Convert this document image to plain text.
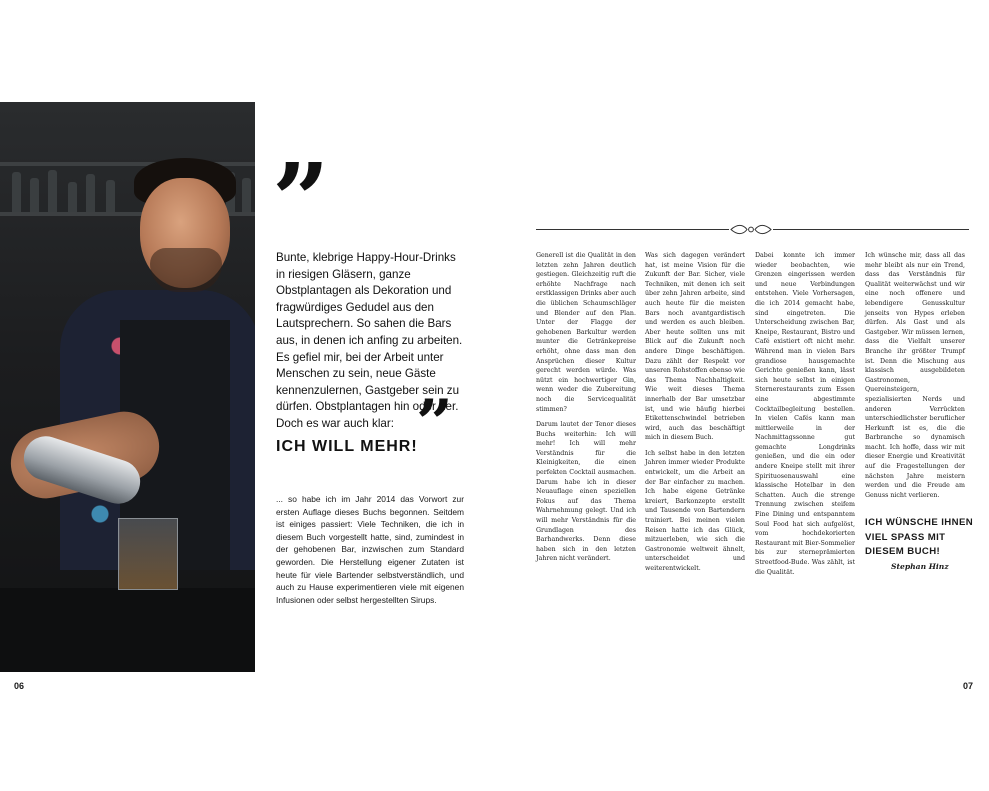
06	07
”
”
Bunte, klebrige Happy-Hour-Drinks in riesigen Gläsern, ganze Obstplantagen als Dekoration und fragwürdiges Gedudel aus den Lautsprechern. So sahen die Bars aus, in denen ich anfing zu arbeiten. Es gefiel mir, bei der Arbeit unter Menschen zu sein, neue Gäste kennenzulernen, Gastgeber sein zu dürfen. Obstplantagen hin oder her. Doch es war auch klar:
ICH WILL MEHR!
... so habe ich im Jahr 2014 das Vorwort zur ersten Auflage dieses Buchs begonnen. Seitdem ist einiges passiert: Viele Techniken, die ich in diesem Buch vorgestellt hatte, sind, zumindest in der gehobenen Bar, inzwischen zum Standard geworden. Die Herstellung eigener Zutaten ist heute für viele Bartender selbstverständlich, und auch zu Hause experimentieren viele mit eigenen Infusionen oder selbst hergestellten Sirups.

Generell ist die Qualität in den letzten zehn Jahren deutlich gestiegen. Gleichzeitig ruft die erhöhte Nachfrage nach erstklassigen Drinks aber auch die üblichen Schaumschläger und Blender auf den Plan. Unter der Flagge der gehobenen Barkultur werden munter die Getränkepreise erhöht, ohne dass man den Ansprüchen dieser Kultur gerecht werden würde. Was nützt ein hochwertiger Gin, wenn weder die Zubereitung noch die Servicequalität stimmen?

Darum lautet der Tenor dieses Buchs weiterhin: Ich will mehr! Ich will mehr Verständnis für die Kleinigkeiten, die einen perfekten Cocktail ausmachen. Darum habe ich in dieser Neuauflage einen speziellen Fokus auf das Thema Wahrnehmung gelegt. Und ich will mehr Verständnis für die Grundlagen des Barhandwerks. Denn diese haben sich in den letzten Jahren nicht verändert.

Was sich dagegen verändert hat, ist meine Vision für die Zukunft der Bar. Sicher, viele Techniken, mit denen ich seit über zehn Jahren arbeite, sind auch heute für die meisten Bars noch avantgardistisch und werden es auch bleiben. Aber heute sollten uns mit Blick auf die Zukunft noch andere Dinge beschäftigen. Dazu zählt der Respekt vor unseren Rohstoffen ebenso wie das Thema Nachhaltigkeit. Wie weit dieses Thema innerhalb der Bar umsetzbar ist, und wie häufig hierbei Etikettenschwindel betrieben wird, auch das beschäftigt mich in diesem Buch.

Ich selbst habe in den letzten Jahren immer wieder Produkte entwickelt, um die Arbeit an der Bar einfacher zu machen. Ich habe eigene Getränke kreiert, Barkonzepte erstellt und Tausende von Bartendern trainiert. Bei meinen vielen Reisen hatte ich das Glück, mitzuerleben, wie sich die Gastronomie weltweit ähnelt, unterscheidet und weiterentwickelt.

Dabei konnte ich immer wieder beobachten, wie Grenzen eingerissen werden und neue Verbindungen entstehen. Viele Vorhersagen, die ich 2014 gemacht habe, sind eingetreten. Die Unterscheidung zwischen Bar, Kneipe, Restaurant, Bistro und Café existiert oft nicht mehr. Während man in vielen Bars grandiose hausgemachte Gerichte genießen kann, lässt sich heute selbst in einigen Sternerestaurants zum Essen eine abgestimmte Cocktailbegleitung bestellen. In vielen Cafés kann man mittlerweile in der Nachmittagssonne gut gemachte Longdrinks genießen, und die ein oder andere Kneipe stellt mit ihrer Spirituosenauswahl eine klassische Hotelbar in den Schatten. Auch die strenge Trennung zwischen steifem Fine Dining und entspanntem Soul Food hat sich aufgelöst, vom hochdekorierten Restaurant mit Bier-Sommelier bis zur sterneprämierten Streetfood-Bude. Was zählt, ist die Qualität.

Ich wünsche mir, dass all das mehr bleibt als nur ein Trend, dass das Verständnis für Qualität weiterwächst und wir eine noch offenere und lebendigere Genusskultur jenseits von Hypes erleben dürfen. Als Gast und als Gastgeber. Wir müssen lernen, dass die Vielfalt unserer Branche ihr größter Trumpf ist. Denn die Mischung aus klassisch ausgebildeten Gastronomen, Quereinsteigern, spezialisierten Nerds und anderen Verrückten unterschiedlichster beruflicher Herkunft ist es, die die Barbranche so dynamisch macht. Ich hoffe, dass wir mit dieser Energie und Kreativität auf die Fragestellungen der nächsten Jahre meistern werden und die Freude am Genuss nicht verlieren.

ICH WÜNSCHE IHNEN VIEL SPASS MIT DIESEM BUCH!
Stephan Hinz
